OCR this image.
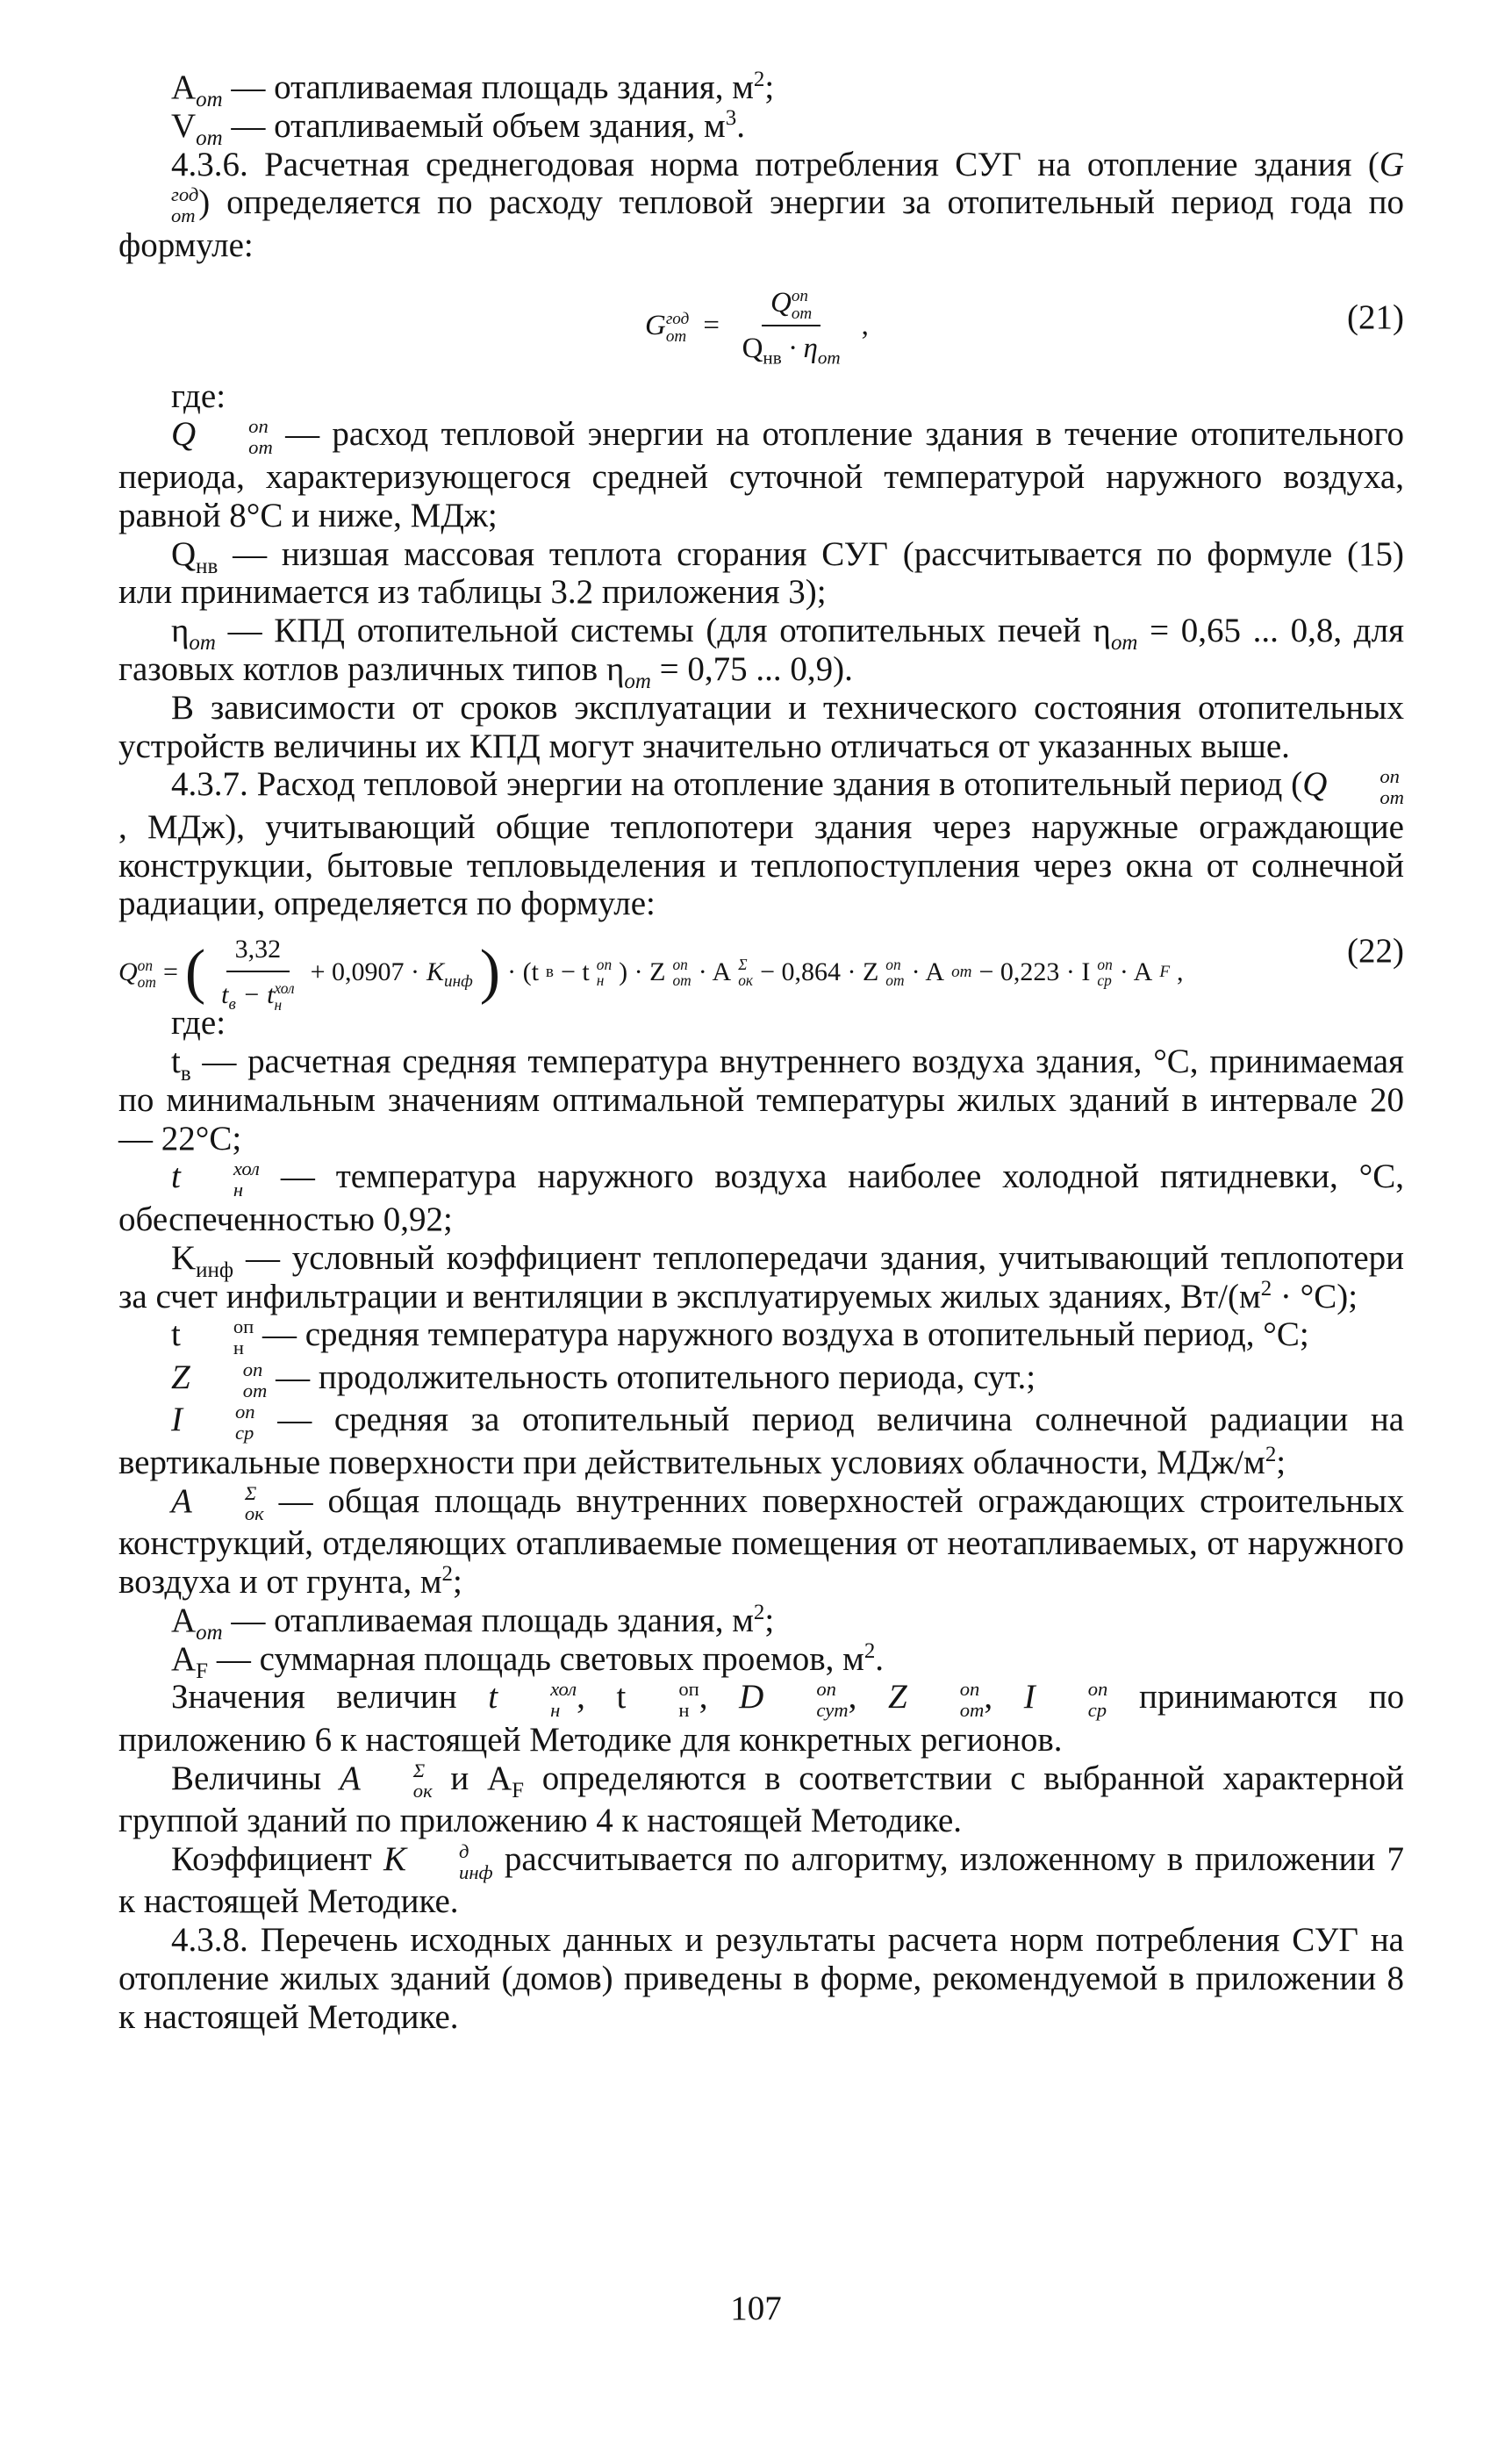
$A_{от}$ — отапливаемая площадь здания, $м^2$;

$V_{от}$ — отапливаемый объем здания, $м^3$.

4.3.6. Расчетная среднегодовая норма потребления СУГ на отопление здания (G
год
от ) определяется по расходу тепловой энергии за отопительный период года по формуле:

G год
от = Q оп
от
$Q_{нв} \cdot \eta_{от}$ ,	(21)

где:

Q	оп
от — расход тепловой энергии на отопление здания в течение отопительного периода, характеризующегося средней суточной температурой наружного воздуха, равной 8°С и ниже, МДж;

$Q_{нв}$ — низшая массовая теплота сгорания СУГ (рассчитывается по формуле (15) или принимается из таблицы 3.2 приложения 3);

$\eta_{от}$ — КПД отопительной системы (для отопительных печей $\eta_{от} = 0,65$ ... 0,8, для газовых котлов различных типов $\eta_{от} = 0,75$ ... 0,9).

В зависимости от сроков эксплуатации и технического состояния отопительных устройств величины их КПД могут значительно отличаться от указанных выше.

4.3.7. Расход тепловой энергии на отопление здания в отопительный период (Q	оп
от
, МДж), учитывающий общие теплопотери здания через наружные ограждающие конструкции, бытовые тепловыделения и теплопоступления через окна от солнечной радиации, определяется по формуле:

Q оп
от = ( 3,32
$t_в - t$ хол
$н + 0,0907 \cdot K_{инф}$ ) · (t в − t оп
н ) · Z оп
от · A Σ
ок − 0,864 · Z оп
от · A от − 0,223 · I оп
ср · A F ,
(22)

где:

$t_в$ — расчетная средняя температура внутреннего воздуха здания, °С, принимаемая по минимальным значениям оптимальной температуры жилых зданий в интервале 20 — 22°С;

t	хол
н	— температура наружного воздуха наиболее холодной пятидневки, °С, обеспеченностью 0,92;

$K_{инф}$ — условный коэффициент теплопередачи здания, учитывающий теплопотери за счет инфильтрации и вентиляции в эксплуатируемых жилых зданиях, $Вт/(м^2 \cdot ^\circ С)$;

t	оп
н — средняя температура наружного воздуха в отопительный период, °С;

Z	оп
от — продолжительность отопительного периода, сут.;

I	оп
ср — средняя за отопительный период величина солнечной радиации на вертикальные поверхности при действительных условиях облачности, МДж/$м^2$;

A	Σ
ок — общая площадь внутренних поверхностей ограждающих строительных конструкций, отделяющих отапливаемые помещения от неотапливаемых, от наружного воздуха и от грунта, $м^2$;

$A_{от}$ — отапливаемая площадь здания, $м^2$;

$A_F$ — суммарная площадь световых проемов, $м^2$.

Значения величин t	хол
н , t	оп
н , D	оп
сут , Z	оп
от , I	оп
ср принимаются по приложению 6 к настоящей Методике для конкретных регионов.

Величины A	Σ
ок и $A_F$ определяются в соответствии с выбранной характерной группой зданий по приложению 4 к настоящей Методике.

Коэффициент K	д
инф рассчитывается по алгоритму, изложенному в приложении 7 к настоящей Методике.

4.3.8. Перечень исходных данных и результаты расчета норм потребления СУГ на отопление жилых зданий (домов) приведены в форме, рекомендуемой в приложении 8 к настоящей Методике.

107
